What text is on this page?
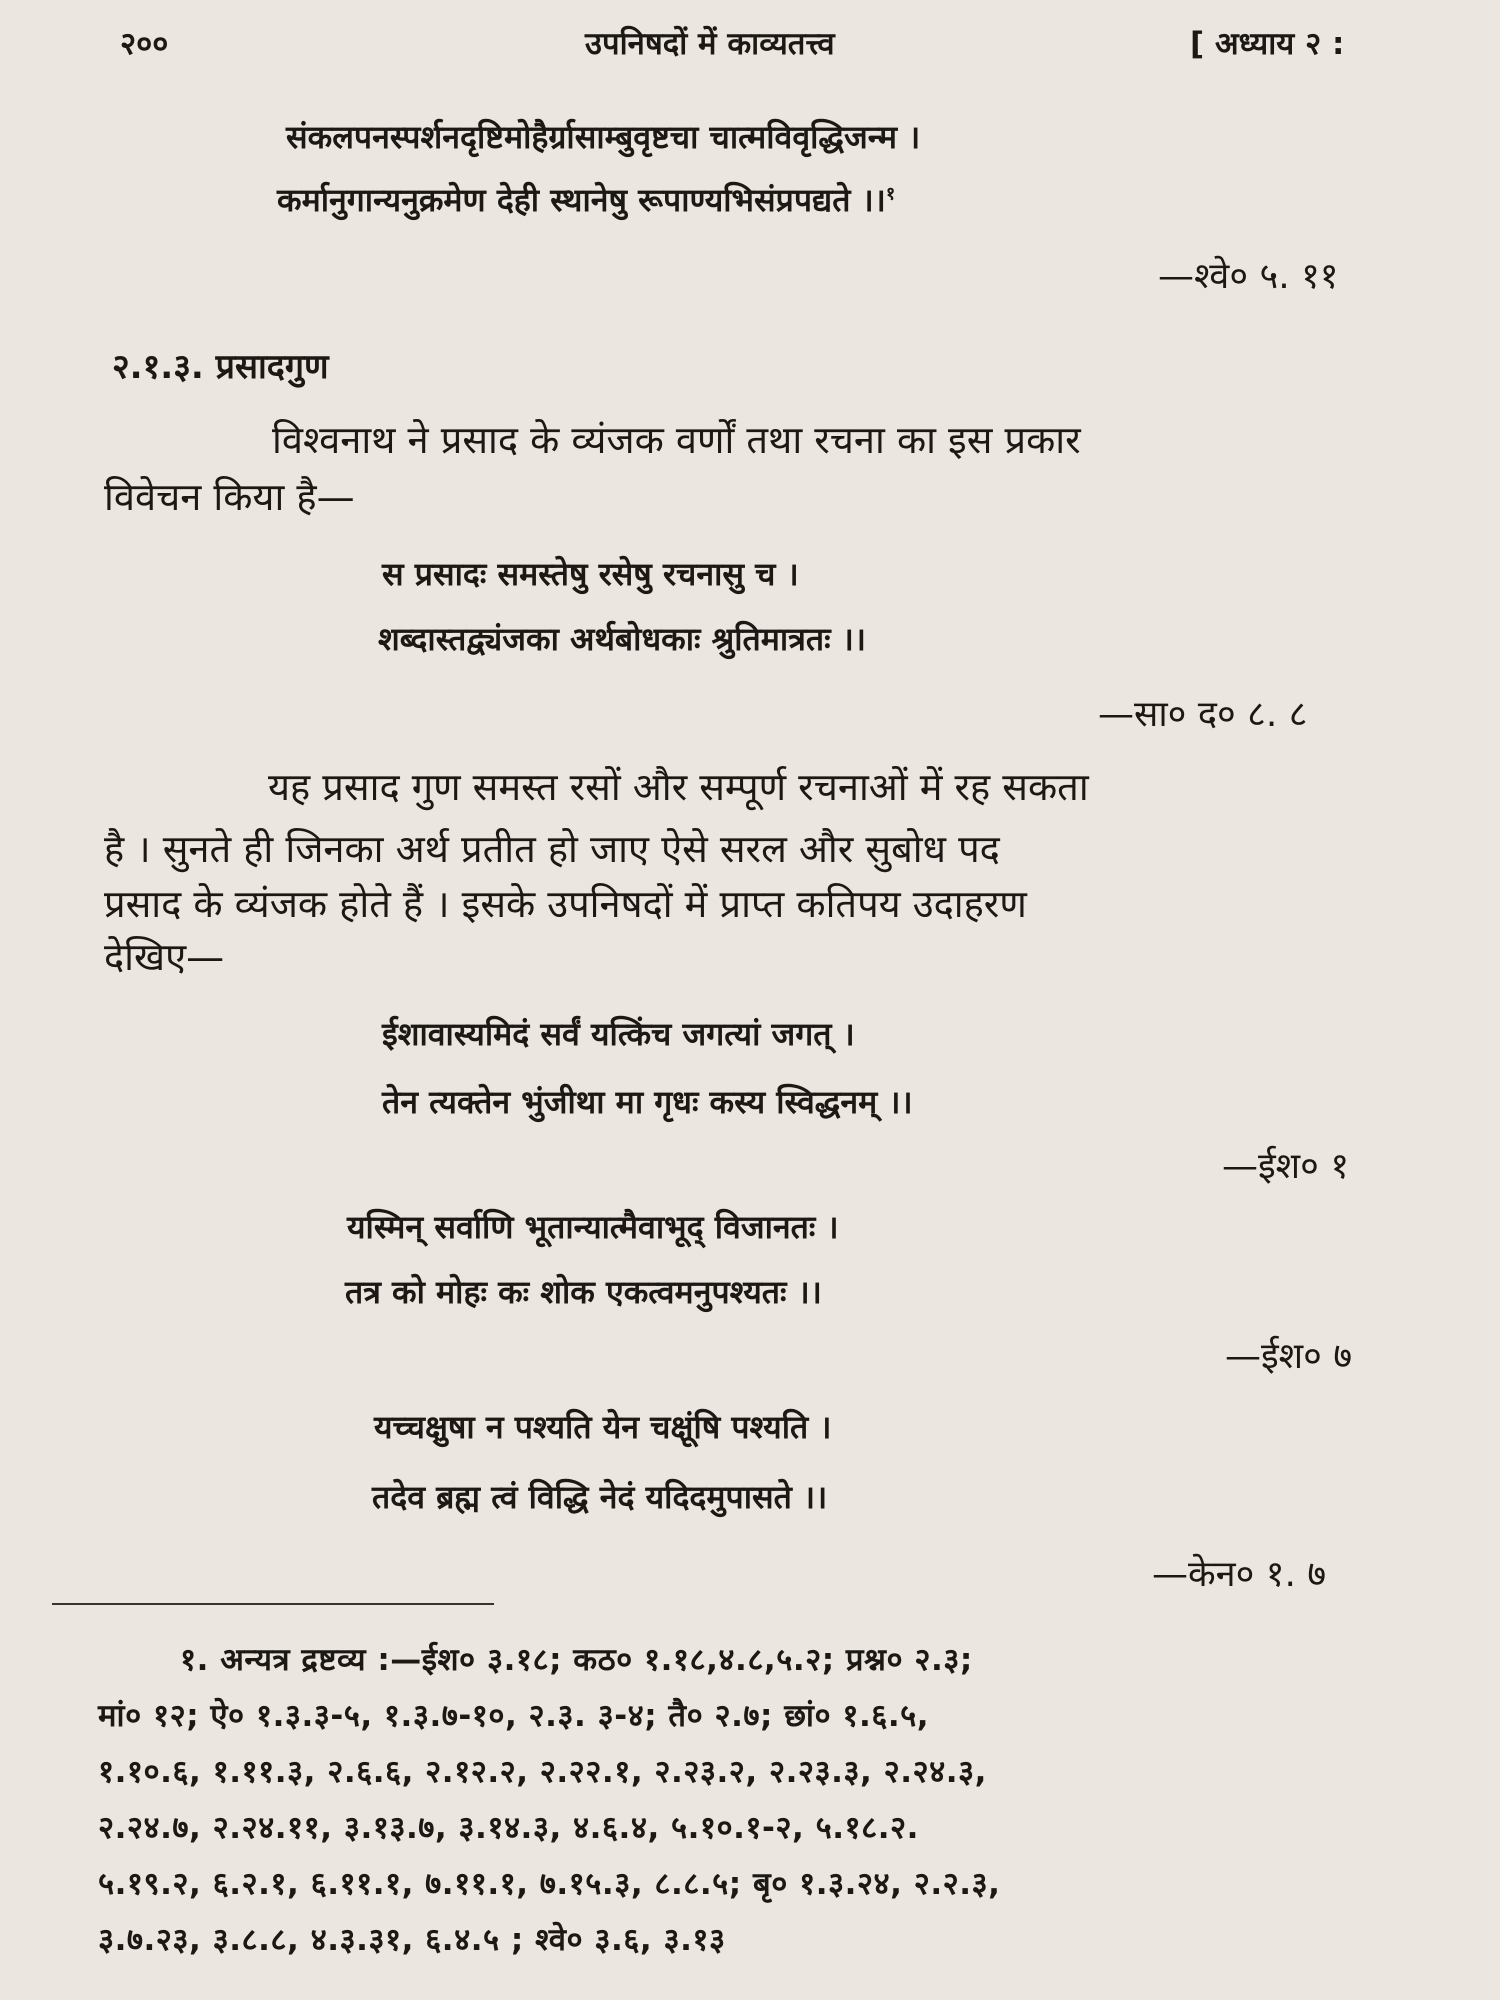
२००	उपनिषदों में काव्यतत्त्व	[ अध्याय २ :
संकलपनस्पर्शनदृष्टिमोहैर्ग्रासाम्बुवृष्टचा चात्मविवृद्धिजन्म ।
कर्मानुगान्यनुक्रमेण देही स्थानेषु रूपाण्यभिसंप्रपद्यते ।।$^१$
—श्वे० ५. ११
२.१.३. प्रसादगुण
विश्वनाथ ने प्रसाद के व्यंजक वर्णों तथा रचना का इस प्रकार
विवेचन किया है—
स प्रसादः समस्तेषु रसेषु रचनासु च ।
शब्दास्तद्व्यंजका अर्थबोधकाः श्रुतिमात्रतः ।।
—सा० द० ८. ८
यह प्रसाद गुण समस्त रसों और सम्पूर्ण रचनाओं में रह सकता
है । सुनते ही जिनका अर्थ प्रतीत हो जाए ऐसे सरल और सुबोध पद
प्रसाद के व्यंजक होते हैं । इसके उपनिषदों में प्राप्त कतिपय उदाहरण
देखिए—
ईशावास्यमिदं सर्वं यत्किंच जगत्यां जगत् ।
तेन त्यक्तेन भुंजीथा मा गृधः कस्य स्विद्धनम् ।।
—ईश० १
यस्मिन् सर्वाणि भूतान्यात्मैवाभूद् विजानतः ।
तत्र को मोहः कः शोक एकत्वमनुपश्यतः ।।
—ईश० ७
यच्चक्षुषा न पश्यति येन चक्षूंषि पश्यति ।
तदेव ब्रह्म त्वं विद्धि नेदं यदिदमुपासते ।।
—केन० १. ७
१. अन्यत्र द्रष्टव्य :—ईश० ३.१८; कठ० १.१८,४.८,५.२; प्रश्न० २.३;
मां० १२; ऐ० १.३.३-५, १.३.७-१०, २.३. ३-४; तै० २.७; छां० १.६.५,
१.१०.६, १.११.३, २.६.६, २.१२.२, २.२२.१, २.२३.२, २.२३.३, २.२४.३,
२.२४.७, २.२४.११, ३.१३.७, ३.१४.३, ४.६.४, ५.१०.१-२, ५.१८.२.
५.१९.२, ६.२.१, ६.११.१, ७.११.१, ७.१५.३, ८.८.५; बृ० १.३.२४, २.२.३,
३.७.२३, ३.८.८, ४.३.३१, ६.४.५ ; श्वे० ३.६, ३.१३
